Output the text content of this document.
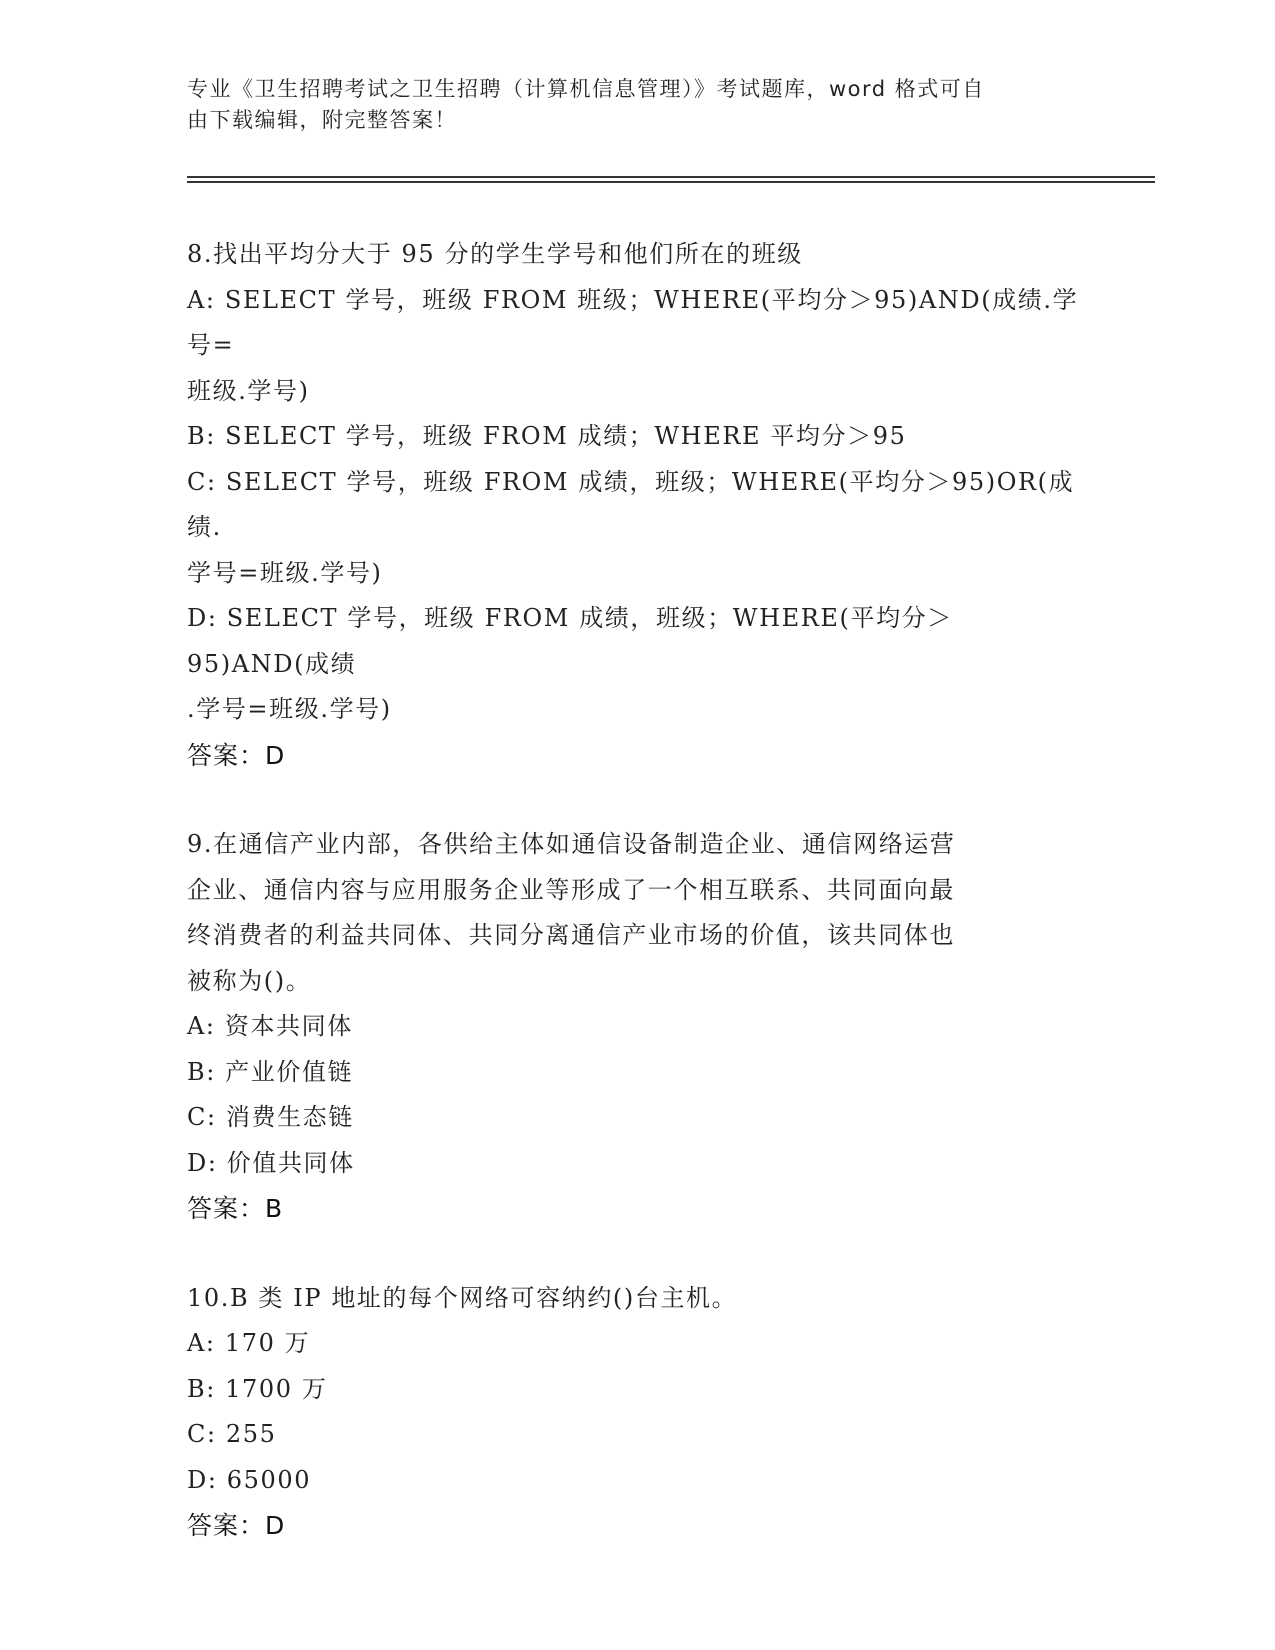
专业《卫生招聘考试之卫生招聘（计算机信息管理）》考试题库，word 格式可自
由下载编辑，附完整答案！
8.找出平均分大于 95 分的学生学号和他们所在的班级
A: SELECT 学号，班级 FROM 班级；WHERE(平均分＞95)AND(成绩.学号=
班级.学号)
B: SELECT 学号，班级 FROM 成绩；WHERE 平均分＞95
C: SELECT 学号，班级 FROM 成绩，班级；WHERE(平均分＞95)OR(成绩.
学号=班级.学号)
D: SELECT 学号，班级 FROM 成绩，班级；WHERE(平均分＞95)AND(成绩
.学号=班级.学号)
答案：D
9.在通信产业内部，各供给主体如通信设备制造企业、通信网络运营
企业、通信内容与应用服务企业等形成了一个相互联系、共同面向最
终消费者的利益共同体、共同分离通信产业市场的价值，该共同体也
被称为()。
A: 资本共同体
B: 产业价值链
C: 消费生态链
D: 价值共同体
答案：B
10.B 类 IP 地址的每个网络可容纳约()台主机。
A: 170 万
B: 1700 万
C: 255
D: 65000
答案：D
